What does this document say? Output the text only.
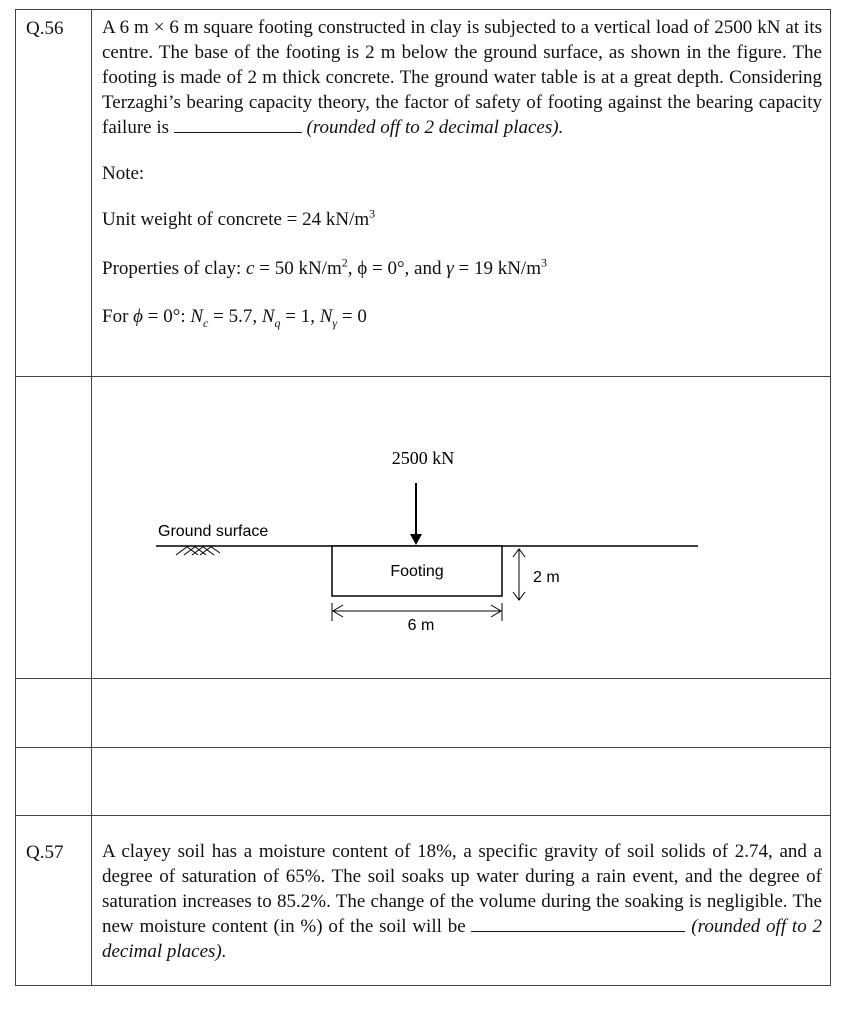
Q.56 A 6 m × 6 m square footing constructed in clay is subjected to a vertical load of 2500 kN at its centre. The base of the footing is 2 m below the ground surface, as shown in the figure. The footing is made of 2 m thick concrete. The ground water table is at a great depth. Considering Terzaghi’s bearing capacity theory, the factor of safety of footing against the bearing capacity failure is	(rounded off to 2 decimal places).

Note:

Unit weight of concrete = 24 $kN/m^3$

Properties of clay: c = 50 $kN/m^2$, ϕ = 0°, and γ = 19 $kN/m^3$

For ϕ = 0°: $N_c = 5.7$, $N_q = 1$, $N_\gamma = 0$

2500 kN
Ground surface
Footing	2 m
6 m
Q.57 A clayey soil has a moisture content of 18%, a specific gravity of soil solids of 2.74, and a degree of saturation of 65%. The soil soaks up water during a rain event, and the degree of saturation increases to 85.2%. The change of the volume during the soaking is negligible. The new moisture content (in %) of the soil will be	(rounded off to 2 decimal places).
